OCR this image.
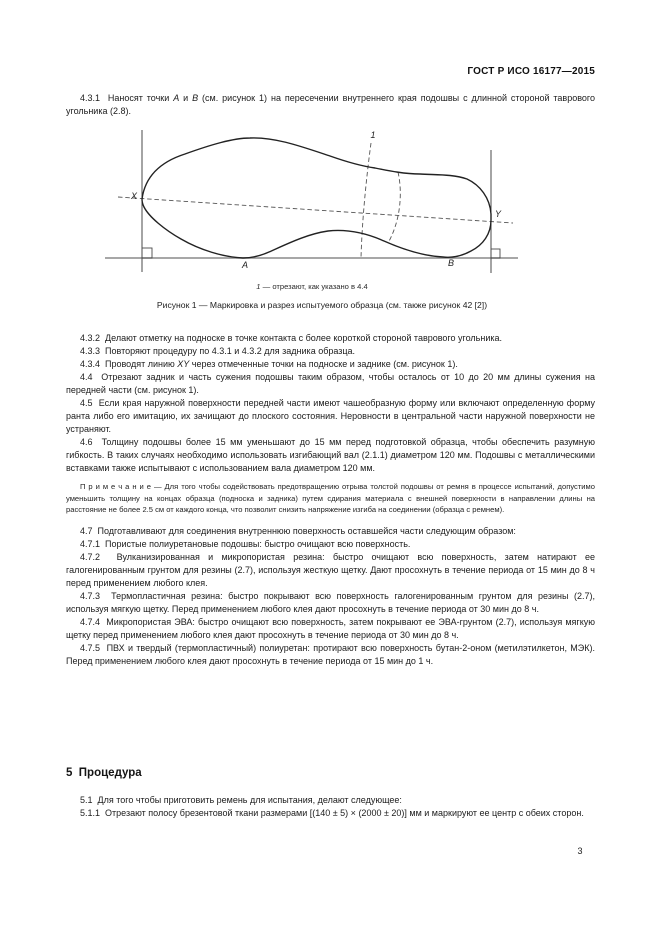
ГОСТ Р ИСО 16177—2015

4.3.1  Наносят точки А и В (см. рисунок 1) на пересечении внутреннего края подошвы с длинной стороной таврового угольника (2.8).

X
Y
A	B
1
1 — отрезают, как указано в 4.4
Рисунок 1 — Маркировка и разрез испытуемого образца (см. также рисунок 42 [2])

4.3.2  Делают отметку на подноске в точке контакта с более короткой стороной таврового угольника.

4.3.3  Повторяют процедуру по 4.3.1 и 4.3.2 для задника образца.

4.3.4  Проводят линию XY через отмеченные точки на подноске и заднике (см. рисунок 1).

4.4  Отрезают задник и часть сужения подошвы таким образом, чтобы осталось от 10 до 20 мм длины сужения на передней части (см. рисунок 1).

4.5  Если края наружной поверхности передней части имеют чашеобразную форму или включают определенную форму ранта либо его имитацию, их зачищают до плоского состояния. Неровности в центральной части наружной поверхности не устраняют.

4.6  Толщину подошвы более 15 мм уменьшают до 15 мм перед подготовкой образца, чтобы обеспечить разумную гибкость. В таких случаях необходимо использовать изгибающий вал (2.1.1) диаметром 120 мм. Подошвы с металлическими вставками также испытывают с использованием вала диаметром 120 мм.

П р и м е ч а н и е — Для того чтобы содействовать предотвращению отрыва толстой подошвы от ремня в процессе испытаний, допустимо уменьшить толщину на концах образца (подноска и задника) путем сдирания материала с внешней поверхности в направлении длины на расстояние не более 2.5 см от каждого конца, что позволит снизить напряжение изгиба на соединении (образца с ремнем).

4.7  Подготавливают для соединения внутреннюю поверхность оставшейся части следующим образом:

4.7.1  Пористые полиуретановые подошвы: быстро очищают всю поверхность.

4.7.2  Вулканизированная и микропористая резина: быстро очищают всю поверхность, затем натирают ее галогенированным грунтом для резины (2.7), используя жесткую щетку. Дают просохнуть в течение периода от 15 мин до 8 ч перед применением любого клея.

4.7.3  Термопластичная резина: быстро покрывают всю поверхность галогенированным грунтом для резины (2.7), используя мягкую щетку. Перед применением любого клея дают просохнуть в течение периода от 30 мин до 8 ч.

4.7.4  Микропористая ЭВА: быстро очищают всю поверхность, затем покрывают ее ЭВА-грунтом (2.7), используя мягкую щетку перед применением любого клея дают просохнуть в течение периода от 30 мин до 8 ч.

4.7.5  ПВХ и твердый (термопластичный) полиуретан: протирают всю поверхность бутан-2-оном (метилэтилкетон, МЭК). Перед применением любого клея дают просохнуть в течение периода от 15 мин до 1 ч.

5  Процедура

5.1  Для того чтобы приготовить ремень для испытания, делают следующее:

5.1.1  Отрезают полосу брезентовой ткани размерами [(140 ± 5) × (2000 ± 20)] мм и маркируют ее центр с обеих сторон.

3
